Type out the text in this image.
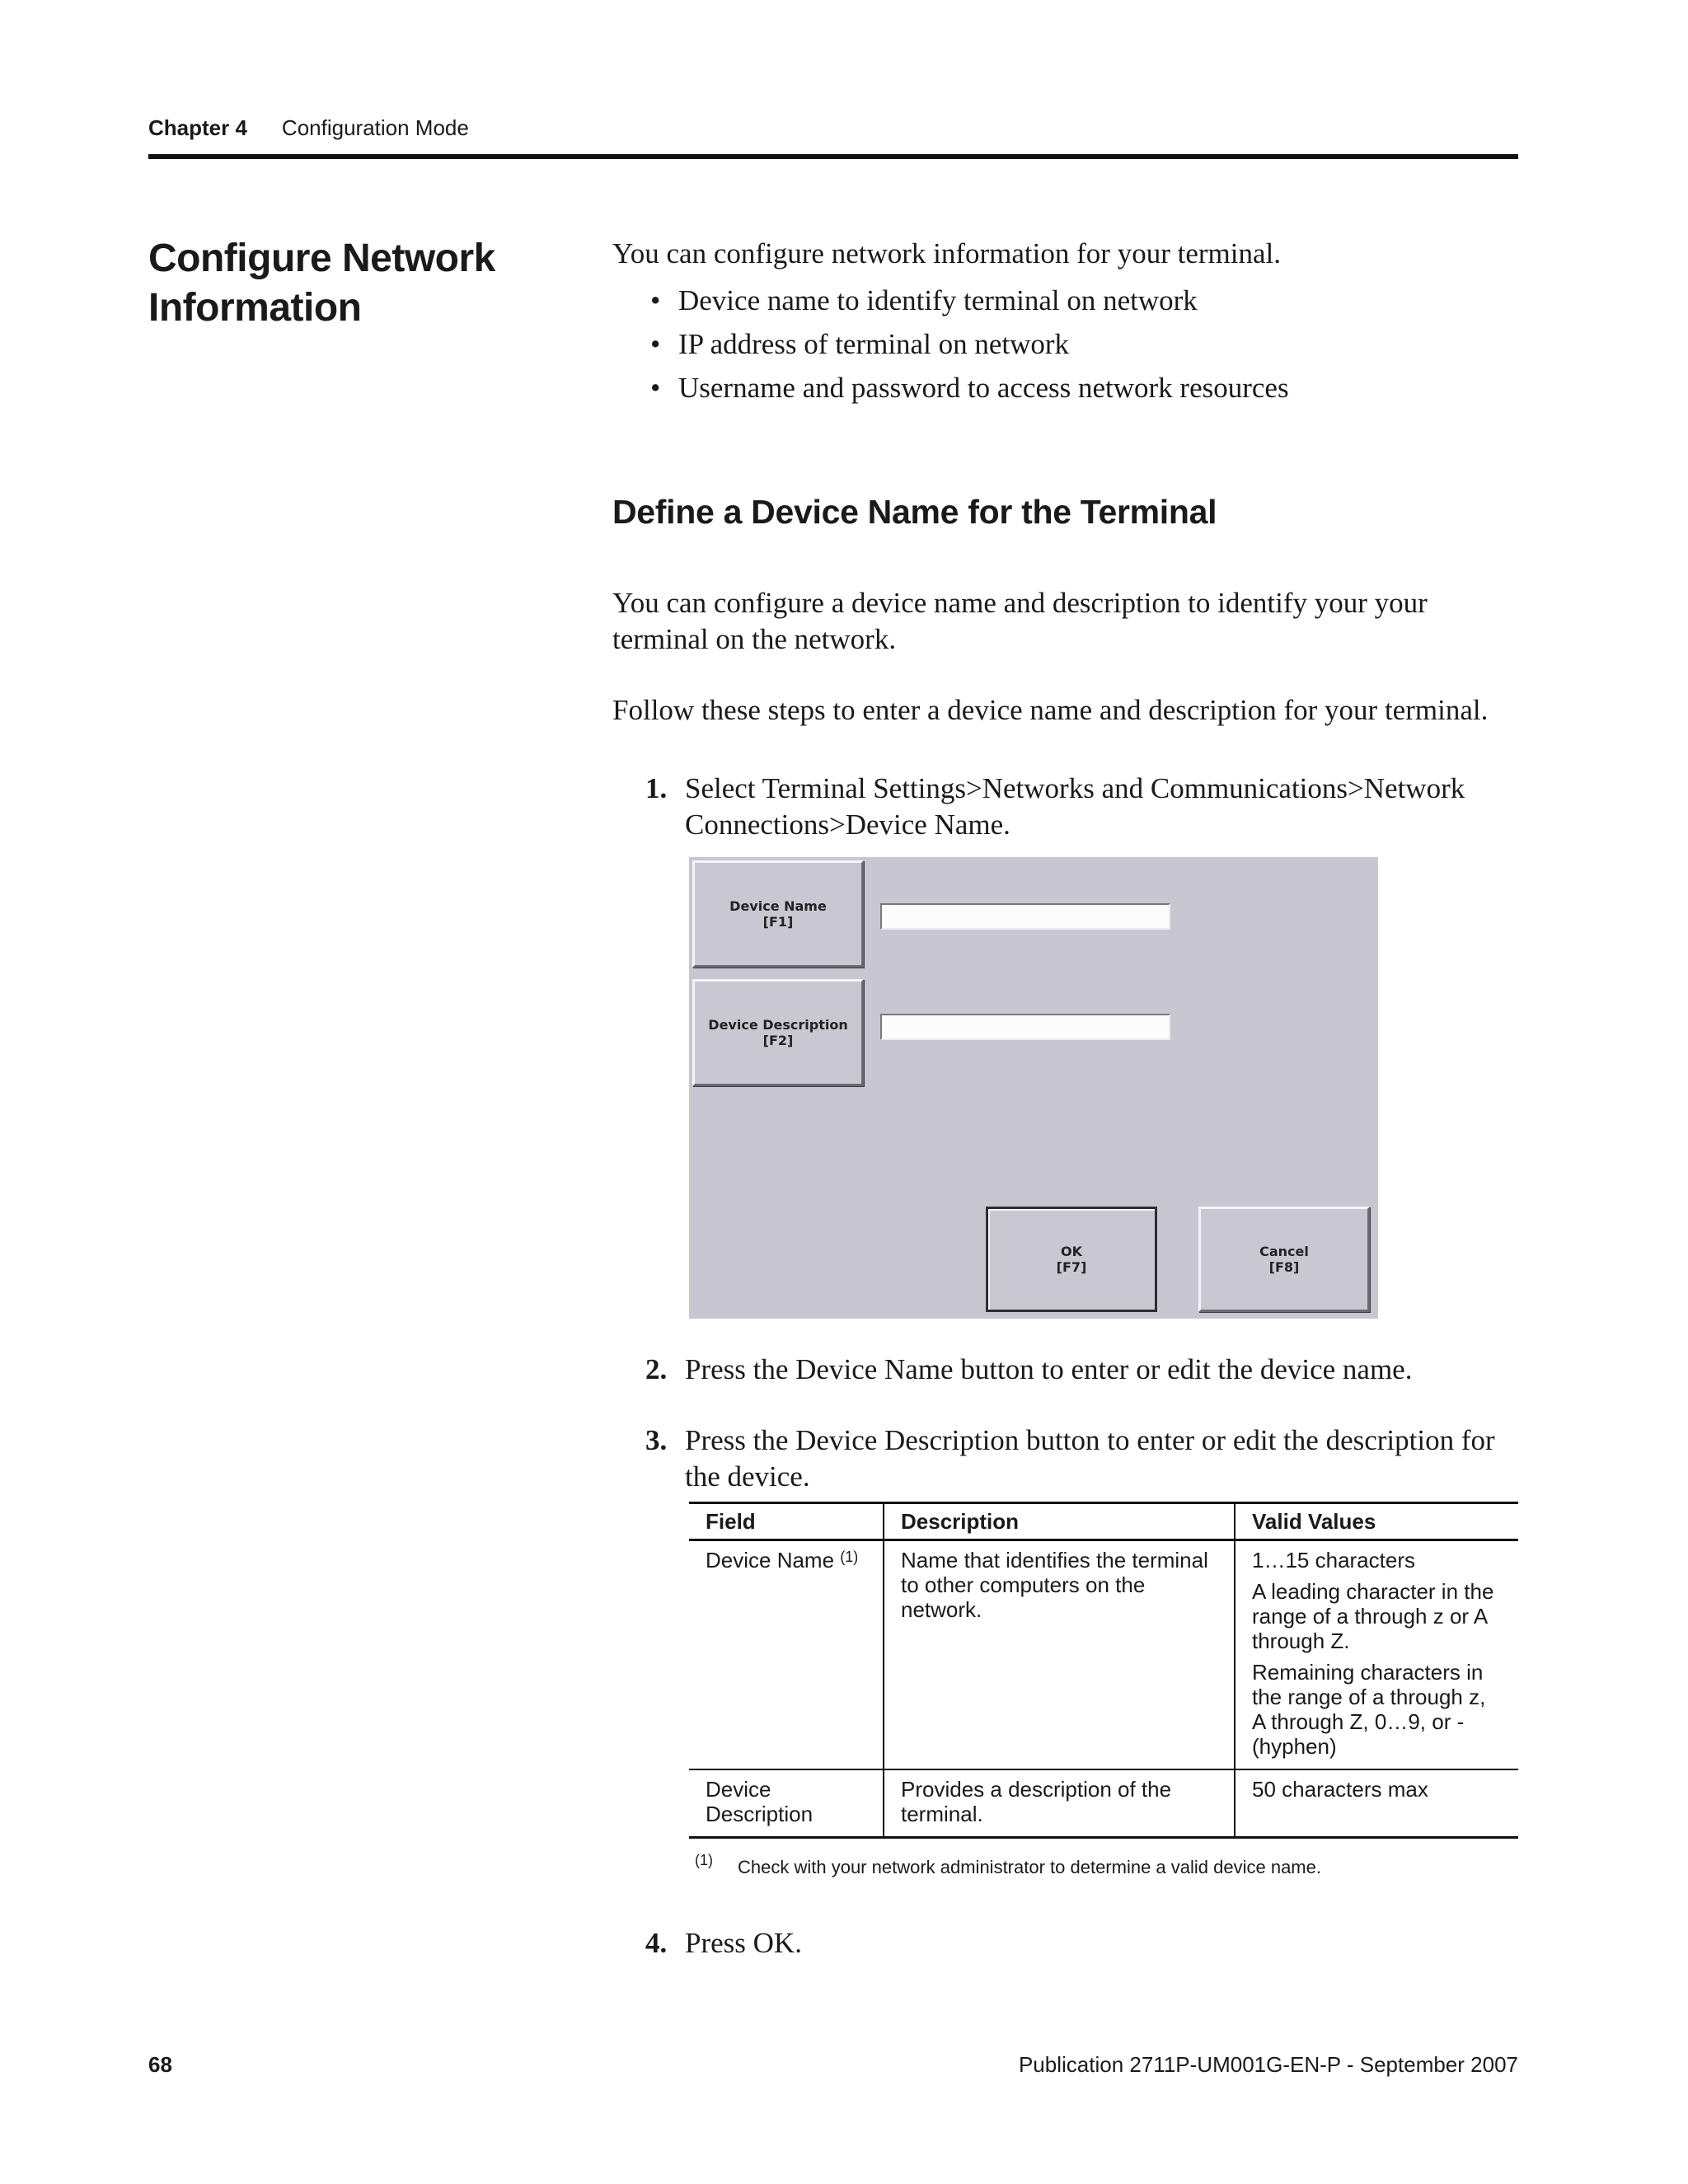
Chapter 4 Configuration Mode
Configure Network Information

You can configure network information for your terminal.

• Device name to identify terminal on network
• IP address of terminal on network
• Username and password to access network resources
Define a Device Name for the Terminal

You can configure a device name and description to identify your your terminal on the network.

Follow these steps to enter a device name and description for your terminal.

1. Select Terminal Settings>Networks and Communications>Network Connections>Device Name.
Device Name
[F1]
Device Description
[F2]
OK
[F7]
Cancel
[F8]
2. Press the Device Name button to enter or edit the device name.
3. Press the Device Description button to enter or edit the description for the device.
Field	Description	Valid Values
Device Name $^{(1)}$	Name that identifies the terminal to other computers on the network.	1…15 characters

A leading character in the range of a through z or A through Z.

Remaining characters in the range of a through z, A through Z, 0…9, or - (hyphen)

Device Description	Provides a description of the terminal.	50 characters max

(1) Check with your network administrator to determine a valid device name.
4. Press OK.
68	Publication 2711P-UM001G-EN-P - September 2007
